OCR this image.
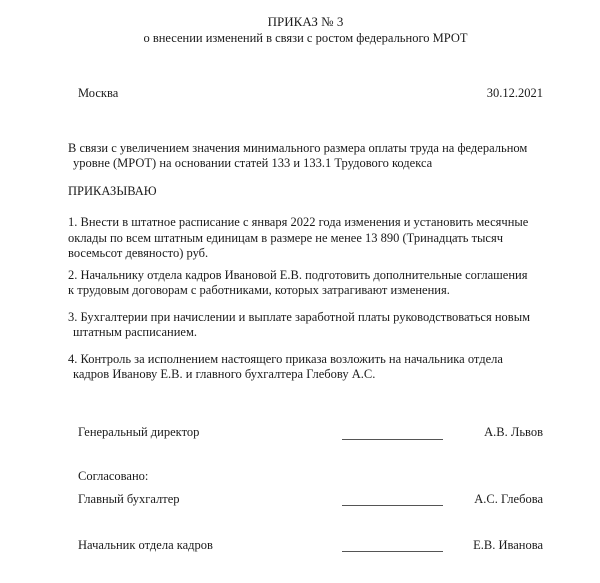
ПРИКАЗ № 3
о внесении изменений в связи с ростом федерального МРОТ
Москва	30.12.2021
В связи с увеличением значения минимального размера оплаты труда на федеральном
уровне (МРОТ) на основании статей 133 и 133.1 Трудового кодекса
ПРИКАЗЫВАЮ
1. Внести в штатное расписание с января 2022 года изменения и установить месячные
оклады по всем штатным единицам в размере не менее 13 890 (Тринадцать тысяч
восемьсот девяносто) руб.
2. Начальнику отдела кадров Ивановой Е.В. подготовить дополнительные соглашения
к трудовым договорам с работниками, которых затрагивают изменения.
3. Бухгалтерии при начислении и выплате заработной платы руководствоваться новым
штатным расписанием.
4. Контроль за исполнением настоящего приказа возложить на начальника отдела
кадров Иванову Е.В. и главного бухгалтера Глебову А.С.
Генеральный директор	А.В. Львов
Согласовано:
Главный бухгалтер	А.С. Глебова
Начальник отдела кадров	Е.В. Иванова
